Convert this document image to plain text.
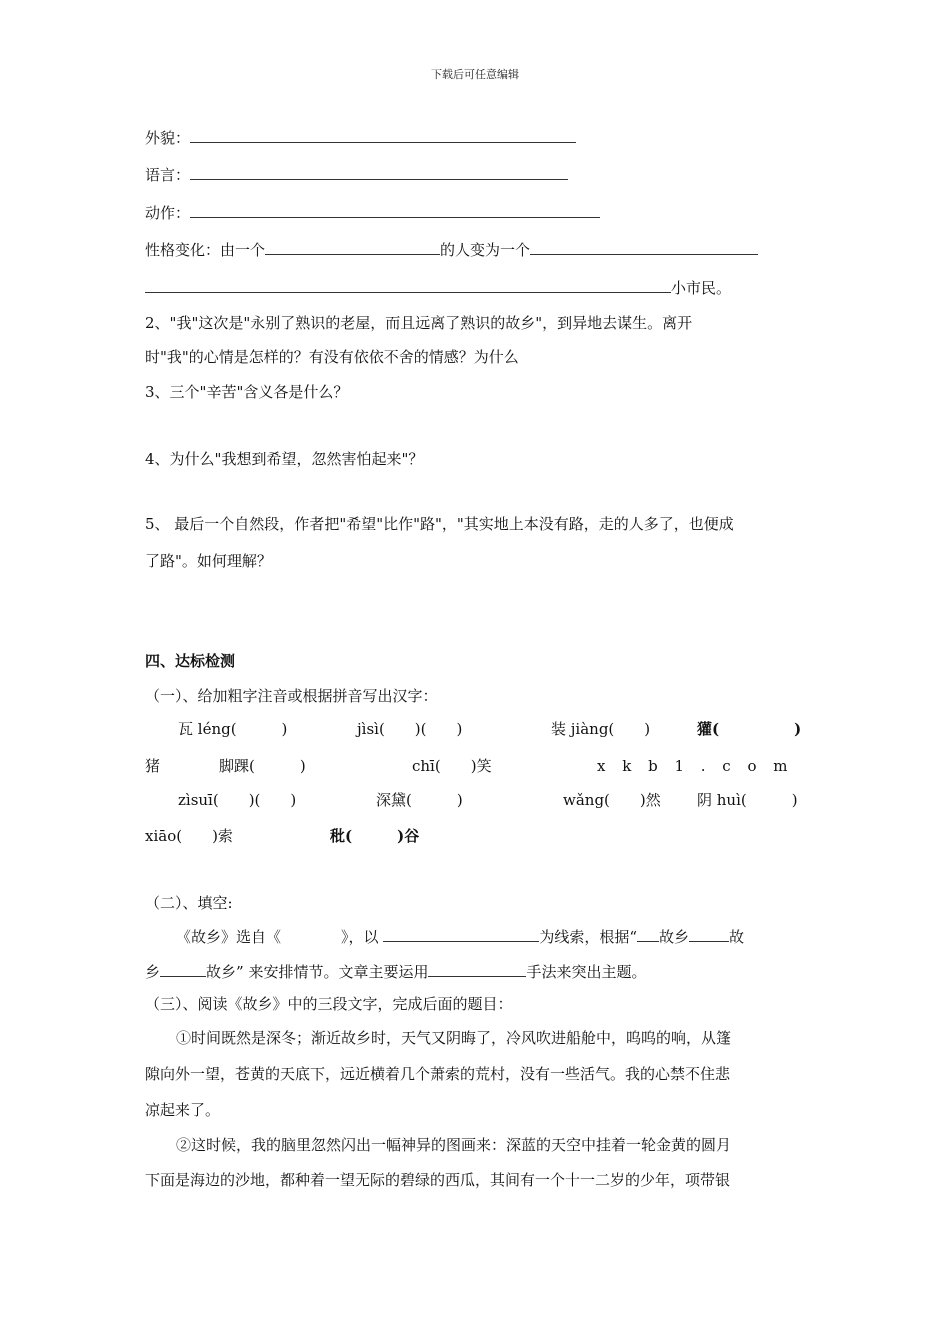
下载后可任意编辑
外貌：
语言：
动作：
性格变化：由一个	的人变为一个
小市民。
2、"我"这次是"永别了熟识的老屋，而且远离了熟识的故乡"，到异地去谋生。离开
时"我"的心情是怎样的？有没有依依不舍的情感？为什么
3、三个"辛苦"含义各是什么？
4、为什么"我想到希望，忽然害怕起来"？
5、 最后一个自然段，作者把"希望"比作"路"，"其实地上本没有路，走的人多了，也便成
了路"。如何理解？
四、达标检测
（一）、给加粗字注音或根据拼音写出汉字：
瓦 léng(　　　)	jìsì(　　)(　　)	装 jiàng(　　)	獾(　　　　　)
猪	脚踝(　　　)	chī(　　)笑	x k b 1 . c o m
zìsuī(　　)(　　)	深黛(　　　)	wǎng(　　)然 阴 huì(　　　)
xiāo(　　)索	秕(　　　)谷
（二）、填空:
《故乡》选自《	》，以	为线索，根据“ 故乡	故
乡	故乡” 来安排情节。文章主要运用	手法来突出主题。
（三）、阅读《故乡》中的三段文字，完成后面的题目：
①时间既然是深冬；渐近故乡时，天气又阴晦了，冷风吹进船舱中，呜呜的响，从篷
隙向外一望，苍黄的天底下，远近横着几个萧索的荒村，没有一些活气。我的心禁不住悲
凉起来了。
②这时候，我的脑里忽然闪出一幅神异的图画来：深蓝的天空中挂着一轮金黄的圆月
下面是海边的沙地，都种着一望无际的碧绿的西瓜，其间有一个十一二岁的少年，项带银
